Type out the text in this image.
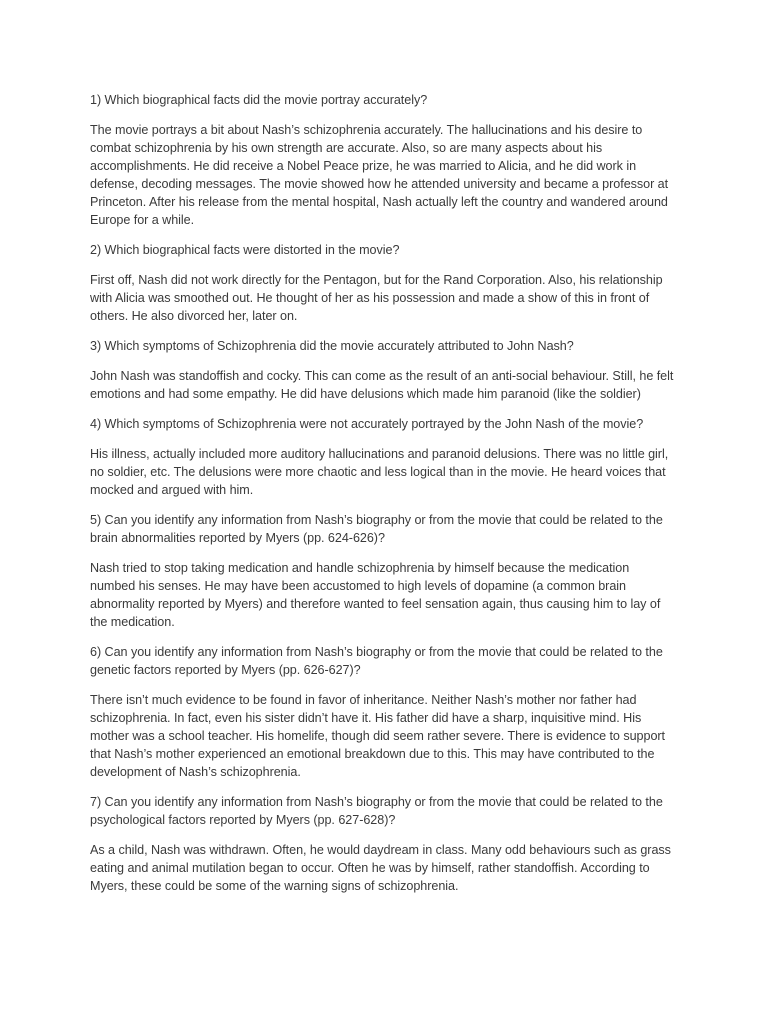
1) Which biographical facts did the movie portray accurately?

The movie portrays a bit about Nash’s schizophrenia accurately. The hallucinations and his desire to
combat schizophrenia by his own strength are accurate. Also, so are many aspects about his
accomplishments. He did receive a Nobel Peace prize, he was married to Alicia, and he did work in
defense, decoding messages. The movie showed how he attended university and became a professor at
Princeton. After his release from the mental hospital, Nash actually left the country and wandered around
Europe for a while.

2) Which biographical facts were distorted in the movie?

First off, Nash did not work directly for the Pentagon, but for the Rand Corporation. Also, his relationship
with Alicia was smoothed out. He thought of her as his possession and made a show of this in front of
others. He also divorced her, later on.

3) Which symptoms of Schizophrenia did the movie accurately attributed to John Nash?

John Nash was standoffish and cocky. This can come as the result of an anti-social behaviour. Still, he felt
emotions and had some empathy. He did have delusions which made him paranoid (like the soldier)

4) Which symptoms of Schizophrenia were not accurately portrayed by the John Nash of the movie?

His illness, actually included more auditory hallucinations and paranoid delusions. There was no little girl,
no soldier, etc. The delusions were more chaotic and less logical than in the movie. He heard voices that
mocked and argued with him.

5) Can you identify any information from Nash’s biography or from the movie that could be related to the
brain abnormalities reported by Myers (pp. 624-626)?

Nash tried to stop taking medication and handle schizophrenia by himself because the medication
numbed his senses. He may have been accustomed to high levels of dopamine (a common brain
abnormality reported by Myers) and therefore wanted to feel sensation again, thus causing him to lay of
the medication.

6) Can you identify any information from Nash’s biography or from the movie that could be related to the
genetic factors reported by Myers (pp. 626-627)?

There isn’t much evidence to be found in favor of inheritance. Neither Nash’s mother nor father had
schizophrenia. In fact, even his sister didn’t have it. His father did have a sharp, inquisitive mind. His
mother was a school teacher. His homelife, though did seem rather severe. There is evidence to support
that Nash’s mother experienced an emotional breakdown due to this. This may have contributed to the
development of Nash’s schizophrenia.

7) Can you identify any information from Nash’s biography or from the movie that could be related to the
psychological factors reported by Myers (pp. 627-628)?

As a child, Nash was withdrawn. Often, he would daydream in class. Many odd behaviours such as grass
eating and animal mutilation began to occur. Often he was by himself, rather standoffish. According to
Myers, these could be some of the warning signs of schizophrenia.
